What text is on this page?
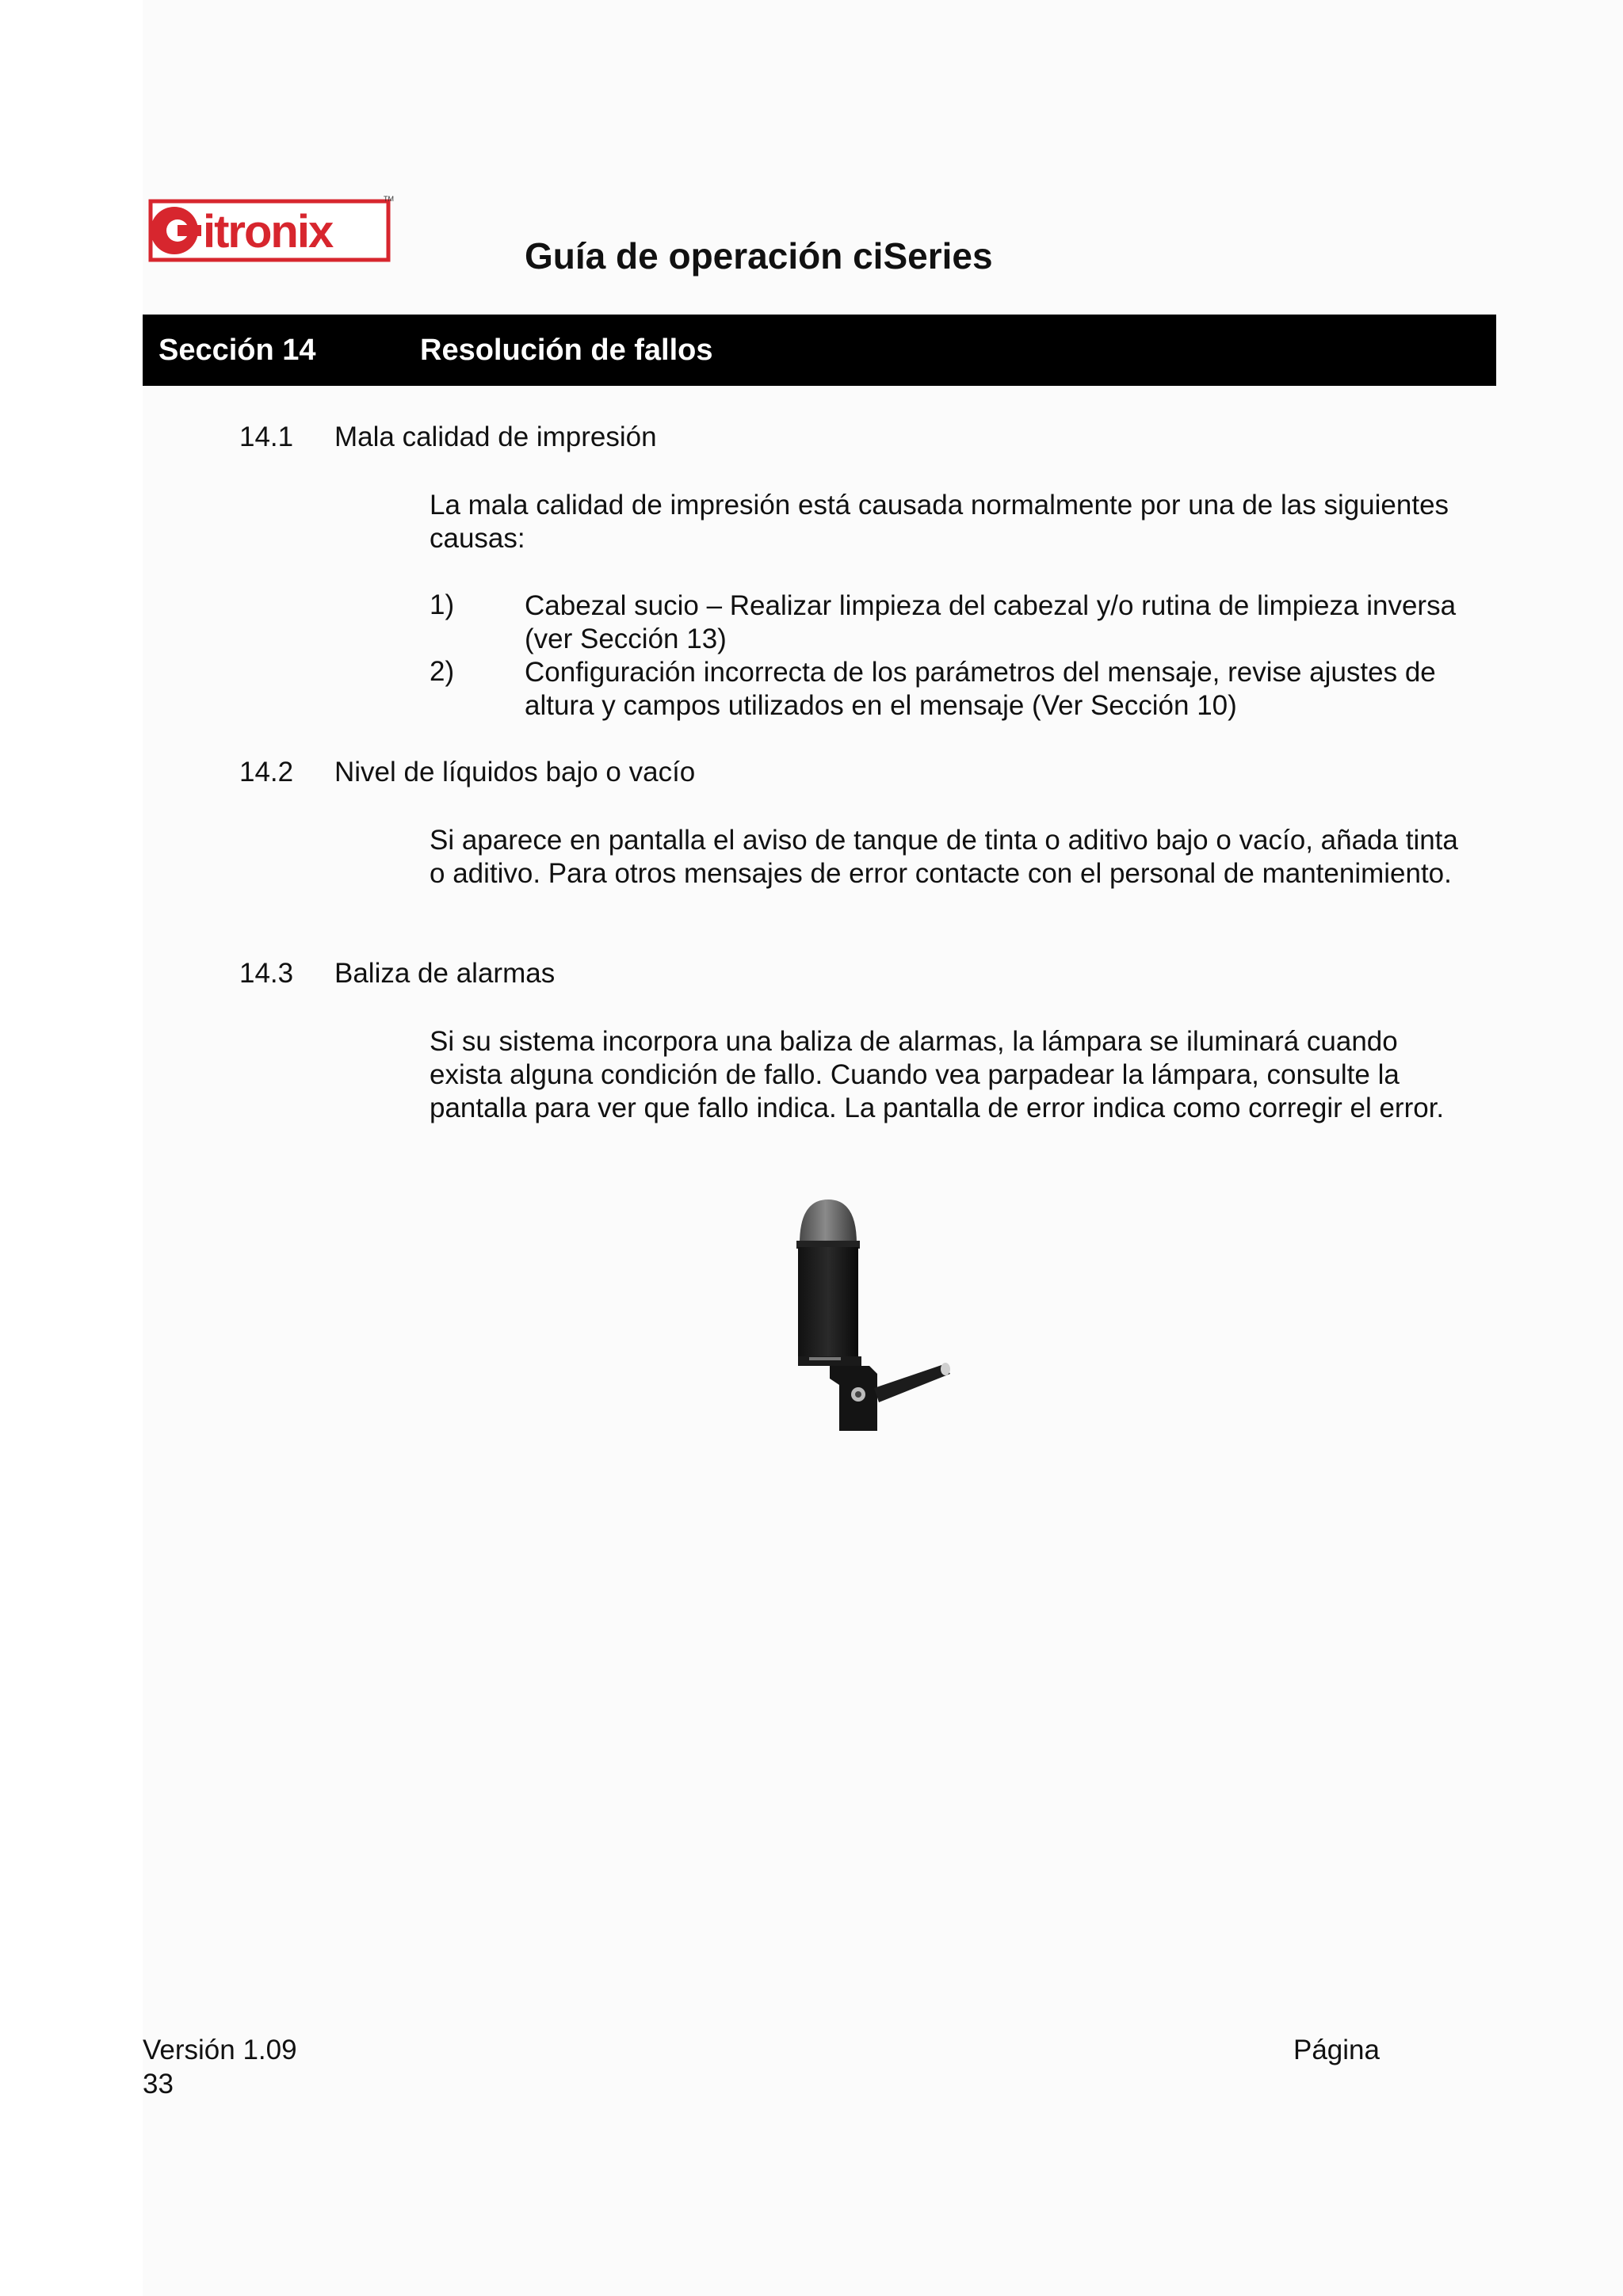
itronix
TM
Guía de operación ciSeries
Sección 14	Resolución de fallos
14.1 Mala calidad de impresión
La mala calidad de impresión está causada normalmente por una de las siguientes causas:
1)	Cabezal sucio – Realizar limpieza del cabezal y/o rutina de limpieza inversa (ver Sección 13)
2)	Configuración incorrecta de los parámetros del mensaje, revise ajustes de altura y campos utilizados en el mensaje (Ver Sección 10)
14.2 Nivel de líquidos bajo o vacío
Si aparece en pantalla el aviso de tanque de tinta o aditivo bajo o vacío, añada tinta o aditivo. Para otros mensajes de error contacte con el personal de mantenimiento.
14.3 Baliza de alarmas
Si su sistema incorpora una baliza de alarmas, la lámpara se iluminará cuando exista alguna condición de fallo. Cuando vea parpadear la lámpara, consulte la pantalla para ver que fallo indica. La pantalla de error indica como corregir el error.
Versión 1.09	Página
33
